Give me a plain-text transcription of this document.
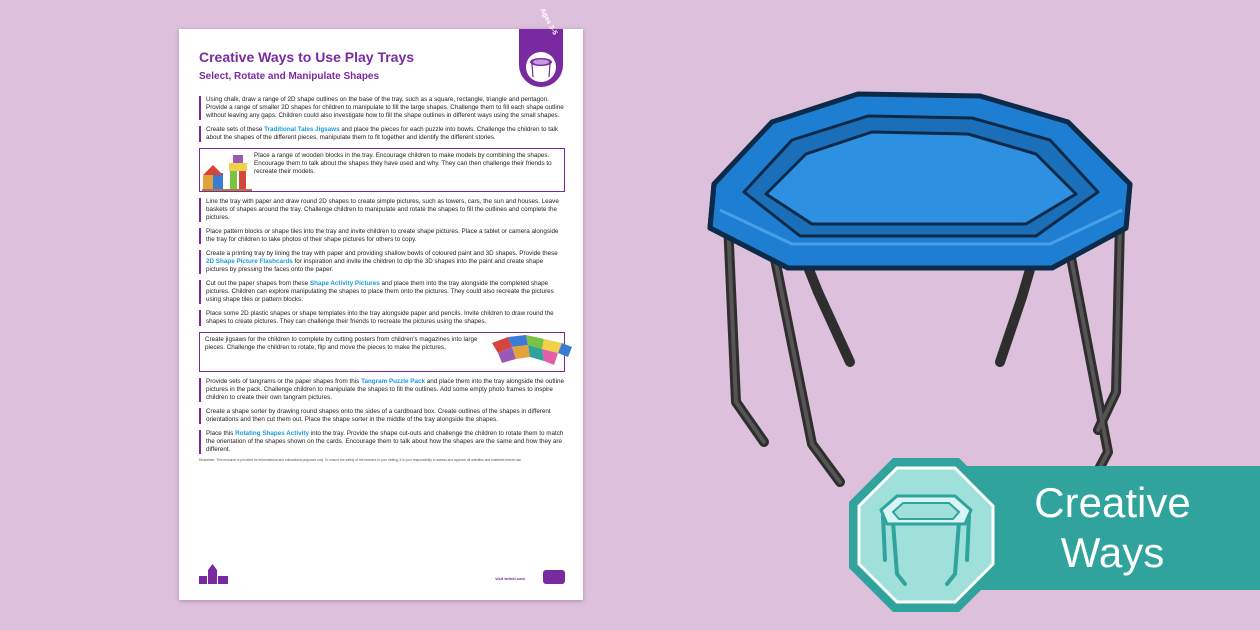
Ages 3-5
Creative Ways to Use Play Trays
Select, Rotate and Manipulate Shapes

Using chalk, draw a range of 2D shape outlines on the base of the tray, such as a square, rectangle, triangle and pentagon. Provide a range of smaller 2D shapes for children to manipulate to fill the large shapes. Challenge them to fill each shape outline without leaving any gaps. Children could also investigate how to fill the shape outlines in different ways using the small shapes.

Create sets of these Traditional Tales Jigsaws and place the pieces for each puzzle into bowls. Challenge the children to talk about the shapes of the different pieces, manipulate them to fit together and identify the different stories.

Place a range of wooden blocks in the tray. Encourage children to make models by combining the shapes. Encourage them to talk about the shapes they have used and why. They can then challenge their friends to recreate their models.

Line the tray with paper and draw round 2D shapes to create simple pictures, such as towers, cars, the sun and houses. Leave baskets of shapes around the tray. Challenge children to manipulate and rotate the shapes to fill the outlines and complete the pictures.

Place pattern blocks or shape tiles into the tray and invite children to create shape pictures. Place a tablet or camera alongside the tray for children to take photos of their shape pictures for others to copy.

Create a printing tray by lining the tray with paper and providing shallow bowls of coloured paint and 3D shapes. Provide these 2D Shape Picture Flashcards for inspiration and invite the children to dip the 3D shapes into the paint and create shape pictures by pressing the faces onto the paper.

Cut out the paper shapes from these Shape Activity Pictures and place them into the tray alongside the completed shape pictures. Children can explore manipulating the shapes to place them onto the pictures. They could also recreate the pictures using shape tiles or pattern blocks.

Place some 2D plastic shapes or shape templates into the tray alongside paper and pencils. Invite children to draw round the shapes to create pictures. They can challenge their friends to recreate the pictures using the shapes.

Create jigsaws for the children to complete by cutting posters from children's magazines into large pieces. Challenge the children to rotate, flip and move the pieces to make the pictures.

Provide sets of tangrams or the paper shapes from this Tangram Puzzle Pack and place them into the tray alongside the outline pictures in the pack. Challenge children to manipulate the shapes to fill the outlines. Add some empty photo frames to inspire children to create their own tangram pictures.

Create a shape sorter by drawing round shapes onto the sides of a cardboard box. Create outlines of the shapes in different orientations and then cut them out. Place the shape sorter in the middle of the tray alongside the shapes.

Place this Rotating Shapes Activity into the tray. Provide the shape cut-outs and challenge the children to rotate them to match the orientation of the shapes shown on the cards. Encourage them to talk about how the shapes are the same and how they are different.

Disclaimer: This resource is provided for informational and educational purposes only. To ensure the safety of the learners in your setting, it is your responsibility to assess and approve all activities and materials before use.
visit twinkl.com
Creative
Ways
